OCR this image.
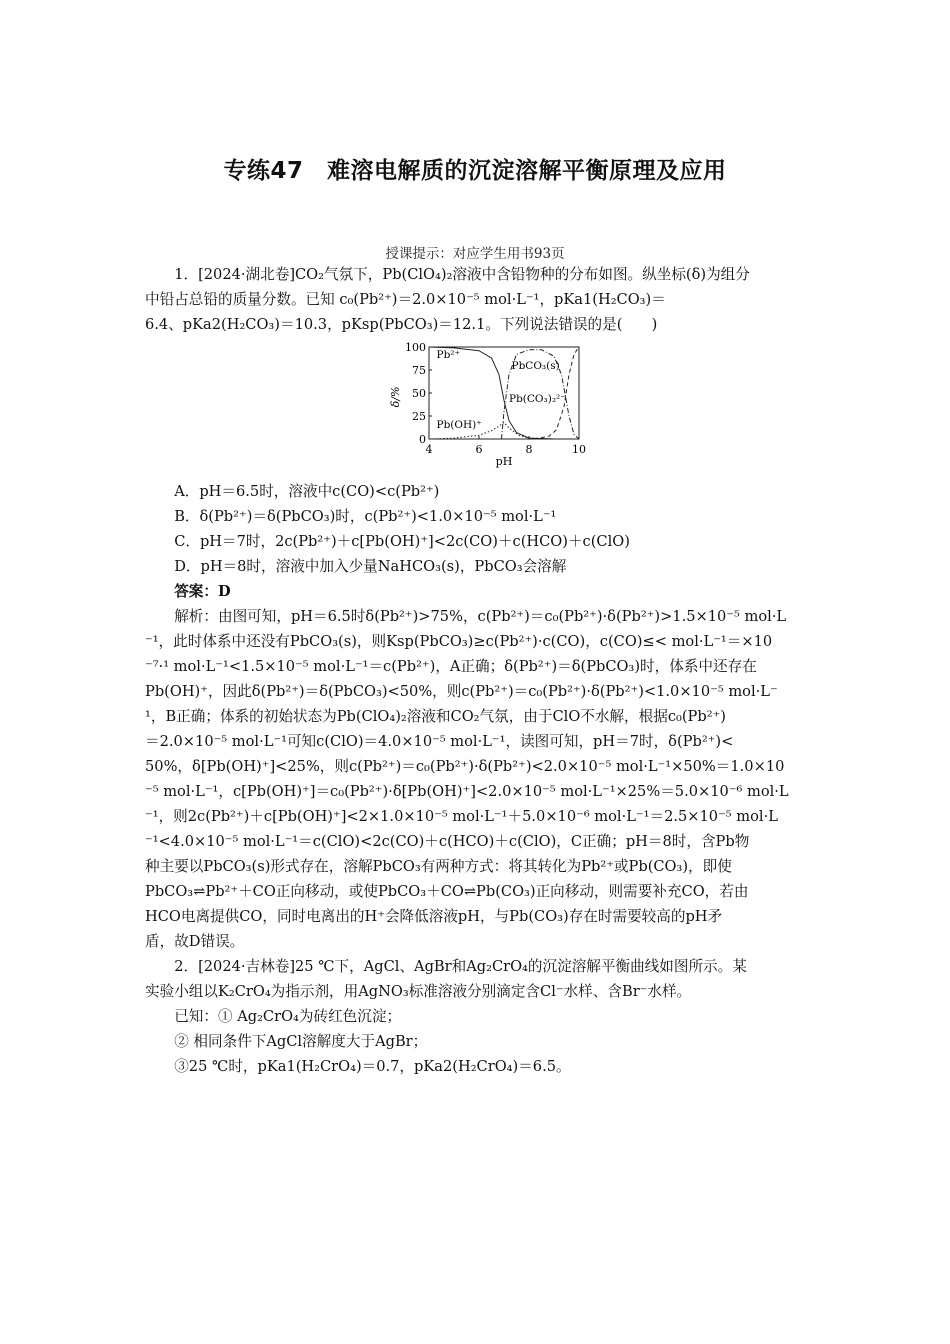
专练47　难溶电解质的沉淀溶解平衡原理及应用
授课提示：对应学生用书93页

1．[2024·湖北卷]CO₂气氛下，Pb(ClO₄)₂溶液中含铅物种的分布如图。纵坐标(δ)为组分

中铅占总铅的质量分数。已知 c₀(Pb²⁺)＝2.0×10⁻⁵ mol·L⁻¹，pKa1(H₂CO₃)＝

6.4、pKa2(H₂CO₃)＝10.3，pKsp(PbCO₃)＝12.1。下列说法错误的是(　　)

0
25
50
75
100
4	6	8	10
pH
δ/%
Pb²⁺
Pb(OH)⁺
PbCO₃(s)
Pb(CO₃)₂²⁻

A．pH＝6.5时，溶液中c(CO)<c(Pb²⁺)

B．δ(Pb²⁺)＝δ(PbCO₃)时，c(Pb²⁺)<1.0×10⁻⁵ mol·L⁻¹

C．pH＝7时，2c(Pb²⁺)＋c[Pb(OH)⁺]<2c(CO)＋c(HCO)＋c(ClO)

D．pH＝8时，溶液中加入少量NaHCO₃(s)，PbCO₃会溶解

答案：D

解析：由图可知，pH＝6.5时δ(Pb²⁺)>75%，c(Pb²⁺)＝c₀(Pb²⁺)·δ(Pb²⁺)>1.5×10⁻⁵ mol·L

⁻¹，此时体系中还没有PbCO₃(s)，则Ksp(PbCO₃)≥c(Pb²⁺)·c(CO)，c(CO)≤< mol·L⁻¹＝×10

⁻⁷·¹ mol·L⁻¹<1.5×10⁻⁵ mol·L⁻¹＝c(Pb²⁺)，A正确；δ(Pb²⁺)＝δ(PbCO₃)时，体系中还存在

Pb(OH)⁺，因此δ(Pb²⁺)＝δ(PbCO₃)<50%，则c(Pb²⁺)＝c₀(Pb²⁺)·δ(Pb²⁺)<1.0×10⁻⁵ mol·L⁻

¹，B正确；体系的初始状态为Pb(ClO₄)₂溶液和CO₂气氛，由于ClO不水解，根据c₀(Pb²⁺)

＝2.0×10⁻⁵ mol·L⁻¹可知c(ClO)＝4.0×10⁻⁵ mol·L⁻¹，读图可知，pH＝7时，δ(Pb²⁺)<

50%，δ[Pb(OH)⁺]<25%，则c(Pb²⁺)＝c₀(Pb²⁺)·δ(Pb²⁺)<2.0×10⁻⁵ mol·L⁻¹×50%＝1.0×10

⁻⁵ mol·L⁻¹，c[Pb(OH)⁺]＝c₀(Pb²⁺)·δ[Pb(OH)⁺]<2.0×10⁻⁵ mol·L⁻¹×25%＝5.0×10⁻⁶ mol·L

⁻¹，则2c(Pb²⁺)＋c[Pb(OH)⁺]<2×1.0×10⁻⁵ mol·L⁻¹＋5.0×10⁻⁶ mol·L⁻¹＝2.5×10⁻⁵ mol·L

⁻¹<4.0×10⁻⁵ mol·L⁻¹＝c(ClO)<2c(CO)＋c(HCO)＋c(ClO)，C正确；pH＝8时，含Pb物

种主要以PbCO₃(s)形式存在，溶解PbCO₃有两种方式：将其转化为Pb²⁺或Pb(CO₃)，即使

PbCO₃⇌Pb²⁺＋CO正向移动，或使PbCO₃＋CO⇌Pb(CO₃)正向移动，则需要补充CO，若由

HCO电离提供CO，同时电离出的H⁺会降低溶液pH，与Pb(CO₃)存在时需要较高的pH矛

盾，故D错误。

2．[2024·吉林卷]25 ℃下，AgCl、AgBr和Ag₂CrO₄的沉淀溶解平衡曲线如图所示。某

实验小组以K₂CrO₄为指示剂，用AgNO₃标准溶液分别滴定含Cl⁻水样、含Br⁻水样。

已知：① Ag₂CrO₄为砖红色沉淀；

② 相同条件下AgCl溶解度大于AgBr；

③25 ℃时，pKa1(H₂CrO₄)＝0.7，pKa2(H₂CrO₄)＝6.5。
